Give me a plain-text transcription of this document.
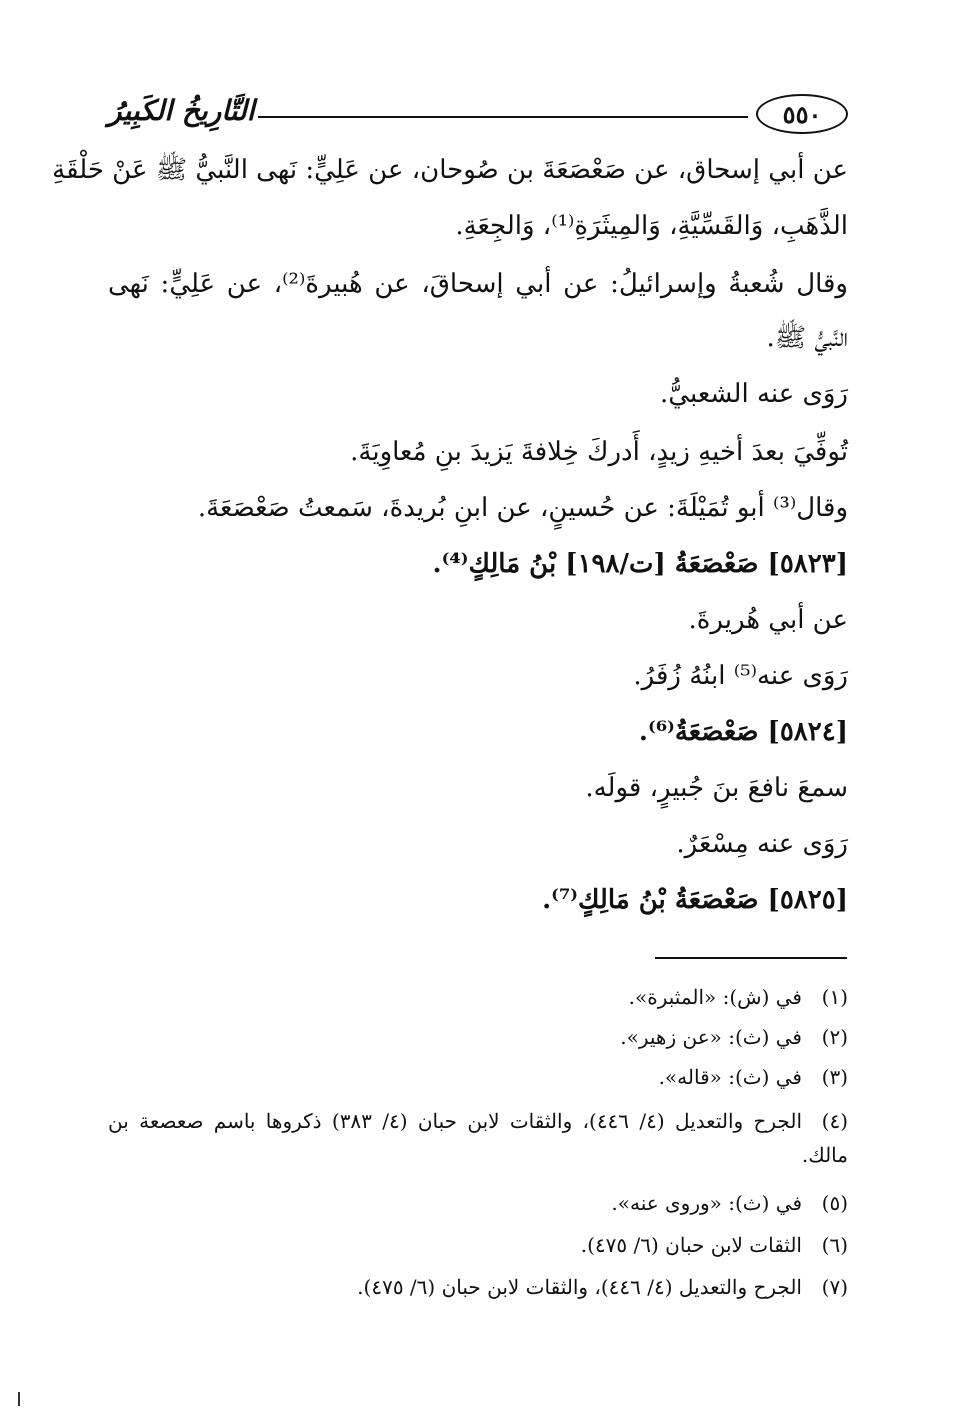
٥٥٠
التَّارِيخُ الكَبِيرُ
عن أبي إسحاق، عن صَعْصَعَةَ بن صُوحان، عن عَلِيٍّ: نَهى النَّبيُّ ﷺ عَنْ حَلْقَةِ
الذَّهَبِ، وَالقَسِّيَّةِ، وَالمِيثَرَةِ⁽¹⁾، وَالجِعَةِ.
وقال شُعبةُ وإسرائيلُ: عن أبي إسحاقَ، عن هُبيرةَ⁽²⁾، عن عَلِيٍّ: نَهى
النَّبيُّ ﷺ.
رَوَى عنه الشعبيُّ.
تُوفِّيَ بعدَ أخيهِ زيدٍ، أَدركَ خِلافةَ يَزيدَ بنِ مُعاوِيَةَ.
وقال⁽³⁾ أبو تُمَيْلَةَ: عن حُسينٍ، عن ابنِ بُريدةَ، سَمعتُ صَعْصَعَةَ.
[٥٨٢٣] صَعْصَعَةُ [ت/١٩٨] بْنُ مَالِكٍ⁽⁴⁾.
عن أبي هُريرةَ.
رَوَى عنه⁽⁵⁾ ابنُهُ زُفَرُ.
[٥٨٢٤] صَعْصَعَةُ⁽⁶⁾.
سمعَ نافعَ بنَ جُبيرٍ، قولَه.
رَوَى عنه مِسْعَرٌ.
[٥٨٢٥] صَعْصَعَةُ بْنُ مَالِكٍ⁽⁷⁾.
(١)في (ش): «المثبرة».
(٢)في (ث): «عن زهير».
(٣)في (ث): «قاله».
(٤)الجرح والتعديل (٤/ ٤٤٦)، والثقات لابن حبان (٤/ ٣٨٣) ذكروها باسم صعصعة بن مالك.
(٥)في (ث): «وروى عنه».
(٦)الثقات لابن حبان (٦/ ٤٧٥).
(٧)الجرح والتعديل (٤/ ٤٤٦)، والثقات لابن حبان (٦/ ٤٧٥).
